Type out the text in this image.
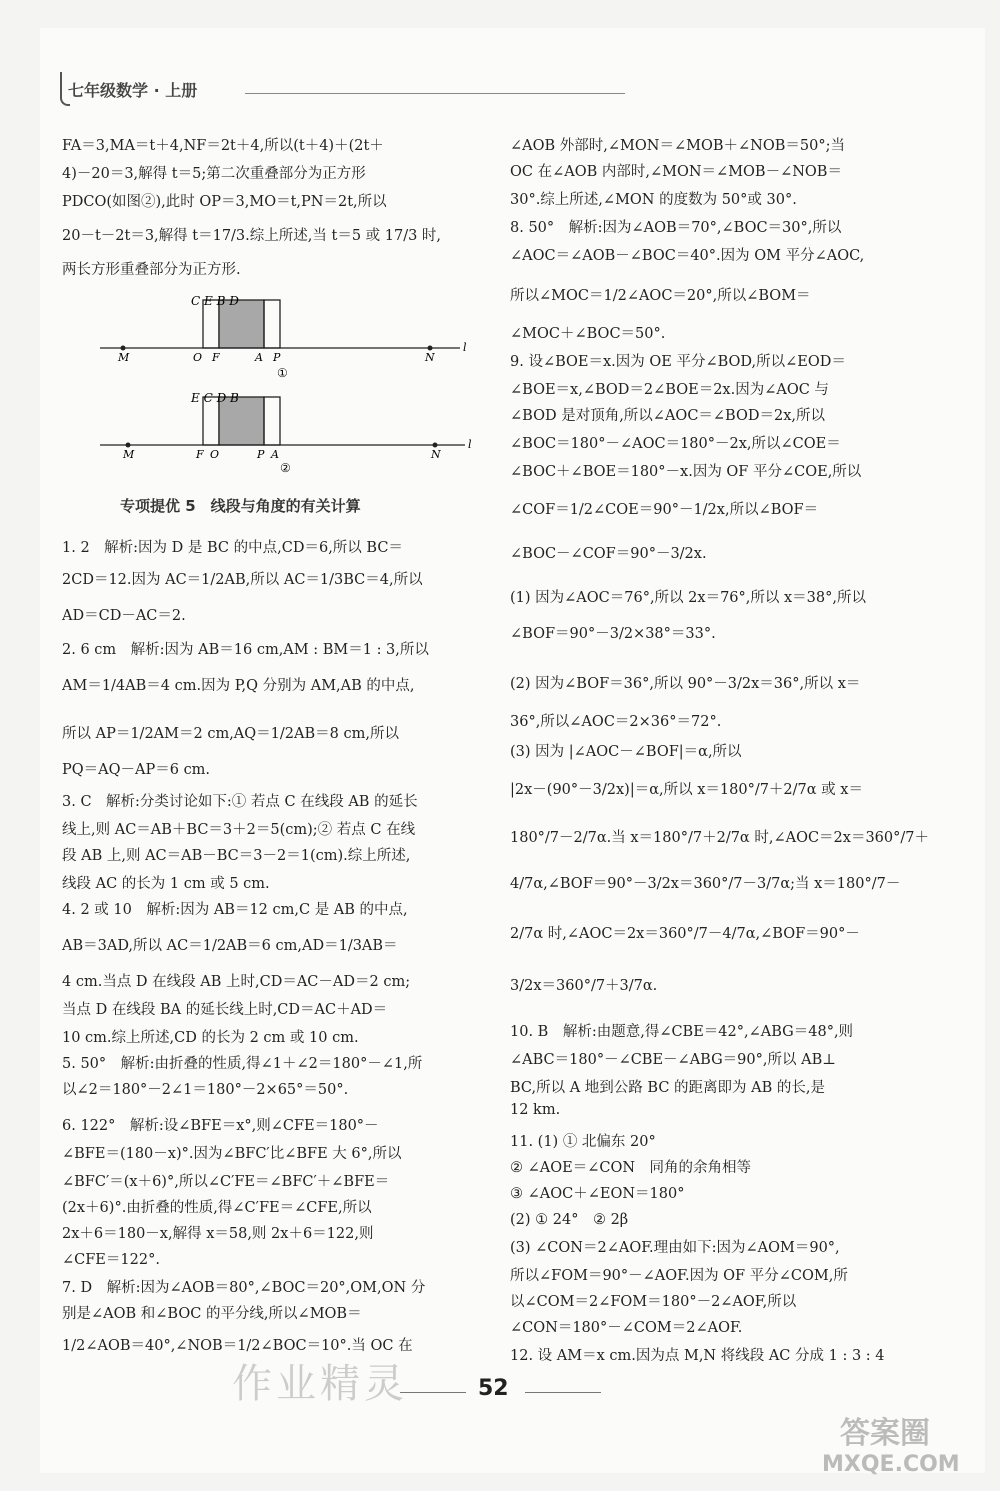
七年级数学 · 上册
FA＝3,MA＝t＋4,NF＝2t＋4,所以(t＋4)＋(2t＋
4)－20＝3,解得 t＝5;第二次重叠部分为正方形
PDCO(如图②),此时 OP＝3,MO＝t,PN＝2t,所以
20－t－2t＝3,解得 t＝17/3.综上所述,当 t＝5 或 17/3 时,
两长方形重叠部分为正方形.
1. 2　解析:因为 D 是 BC 的中点,CD＝6,所以 BC＝
2CD＝12.因为 AC＝1/2AB,所以 AC＝1/3BC＝4,所以
AD＝CD－AC＝2.
2. 6 cm　解析:因为 AB＝16 cm,AM : BM＝1 : 3,所以
AM＝1/4AB＝4 cm.因为 P,Q 分别为 AM,AB 的中点,
所以 AP＝1/2AM＝2 cm,AQ＝1/2AB＝8 cm,所以
PQ＝AQ－AP＝6 cm.
3. C　解析:分类讨论如下:① 若点 C 在线段 AB 的延长
线上,则 AC＝AB＋BC＝3＋2＝5(cm);② 若点 C 在线
段 AB 上,则 AC＝AB－BC＝3－2＝1(cm).综上所述,
线段 AC 的长为 1 cm 或 5 cm.
4. 2 或 10　解析:因为 AB＝12 cm,C 是 AB 的中点,
AB＝3AD,所以 AC＝1/2AB＝6 cm,AD＝1/3AB＝
4 cm.当点 D 在线段 AB 上时,CD＝AC－AD＝2 cm;
当点 D 在线段 BA 的延长线上时,CD＝AC＋AD＝
10 cm.综上所述,CD 的长为 2 cm 或 10 cm.
5. 50°　解析:由折叠的性质,得∠1＋∠2＝180°－∠1,所
以∠2＝180°－2∠1＝180°－2×65°＝50°.
6. 122°　解析:设∠BFE＝x°,则∠CFE＝180°－
∠BFE＝(180－x)°.因为∠BFC′比∠BFE 大 6°,所以
∠BFC′＝(x＋6)°,所以∠C′FE＝∠BFC′＋∠BFE＝
(2x＋6)°.由折叠的性质,得∠C′FE＝∠CFE,所以
2x＋6＝180－x,解得 x＝58,则 2x＋6＝122,则
∠CFE＝122°.
7. D　解析:因为∠AOB＝80°,∠BOC＝20°,OM,ON 分
别是∠AOB 和∠BOC 的平分线,所以∠MOB＝
1/2∠AOB＝40°,∠NOB＝1/2∠BOC＝10°.当 OC 在
∠AOB 外部时,∠MON＝∠MOB＋∠NOB＝50°;当
OC 在∠AOB 内部时,∠MON＝∠MOB－∠NOB＝
30°.综上所述,∠MON 的度数为 50°或 30°.
8. 50°　解析:因为∠AOB＝70°,∠BOC＝30°,所以
∠AOC＝∠AOB－∠BOC＝40°.因为 OM 平分∠AOC,
所以∠MOC＝1/2∠AOC＝20°,所以∠BOM＝
∠MOC＋∠BOC＝50°.
9. 设∠BOE＝x.因为 OE 平分∠BOD,所以∠EOD＝
∠BOE＝x,∠BOD＝2∠BOE＝2x.因为∠AOC 与
∠BOD 是对顶角,所以∠AOC＝∠BOD＝2x,所以
∠BOC＝180°－∠AOC＝180°－2x,所以∠COE＝
∠BOC＋∠BOE＝180°－x.因为 OF 平分∠COE,所以
∠COF＝1/2∠COE＝90°－1/2x,所以∠BOF＝
∠BOC－∠COF＝90°－3/2x.
(1) 因为∠AOC＝76°,所以 2x＝76°,所以 x＝38°,所以
∠BOF＝90°－3/2×38°＝33°.
(2) 因为∠BOF＝36°,所以 90°－3/2x＝36°,所以 x＝
36°,所以∠AOC＝2×36°＝72°.
(3) 因为 |∠AOC－∠BOF|＝α,所以
|2x－(90°－3/2x)|＝α,所以 x＝180°/7＋2/7α 或 x＝
180°/7－2/7α.当 x＝180°/7＋2/7α 时,∠AOC＝2x＝360°/7＋
4/7α,∠BOF＝90°－3/2x＝360°/7－3/7α;当 x＝180°/7－
2/7α 时,∠AOC＝2x＝360°/7－4/7α,∠BOF＝90°－
3/2x＝360°/7＋3/7α.
10. B　解析:由题意,得∠CBE＝42°,∠ABG＝48°,则
∠ABC＝180°－∠CBE－∠ABG＝90°,所以 AB⊥
BC,所以 A 地到公路 BC 的距离即为 AB 的长,是
12 km.
11. (1) ① 北偏东 20°
② ∠AOE＝∠CON　同角的余角相等
③ ∠AOC＋∠EON＝180°
(2) ① 24°　② 2β
(3) ∠CON＝2∠AOF.理由如下:因为∠AOM＝90°,
所以∠FOM＝90°－∠AOF.因为 OF 平分∠COM,所
以∠COM＝2∠FOM＝180°－2∠AOF,所以
∠CON＝180°－∠COM＝2∠AOF.
12. 设 AM＝x cm.因为点 M,N 将线段 AC 分成 1 : 3 : 4
C E B D
M	O F	A P	N
l
①
E C D B
M	F O	P A	N
l
②
专项提优 5　线段与角度的有关计算
52
作业精灵
答案圈
MXQE.COM
